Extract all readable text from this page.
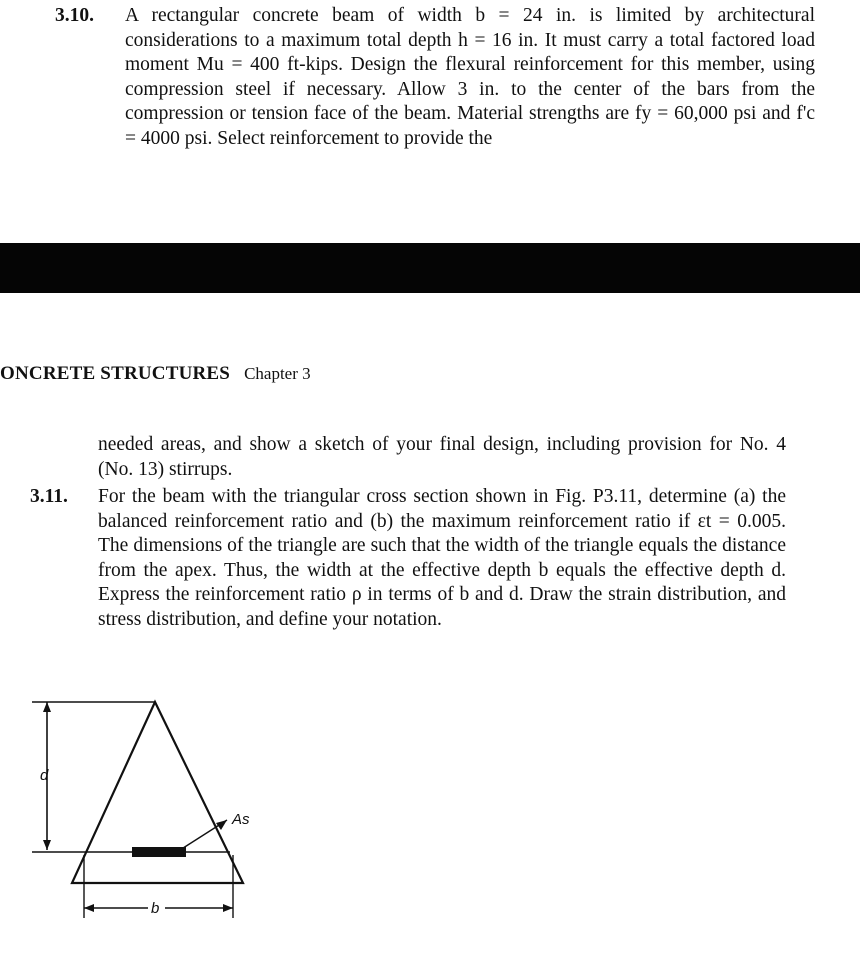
3.10. A rectangular concrete beam of width b = 24 in. is limited by architectural considerations to a maximum total depth h = 16 in. It must carry a total factored load moment Mu = 400 ft-kips. Design the flexural reinforcement for this member, using compression steel if necessary. Allow 3 in. to the center of the bars from the compression or tension face of the beam. Material strengths are fy = 60,000 psi and f'c = 4000 psi. Select reinforcement to provide the
ONCRETE STRUCTURES Chapter 3
needed areas, and show a sketch of your final design, including provision for No. 4 (No. 13) stirrups.
3.11. For the beam with the triangular cross section shown in Fig. P3.11, determine (a) the balanced reinforcement ratio and (b) the maximum reinforcement ratio if εt = 0.005. The dimensions of the triangle are such that the width of the triangle equals the distance from the apex. Thus, the width at the effective depth b equals the effective depth d. Express the reinforcement ratio ρ in terms of b and d. Draw the strain distribution, and stress distribution, and define your notation.
d
As
b
